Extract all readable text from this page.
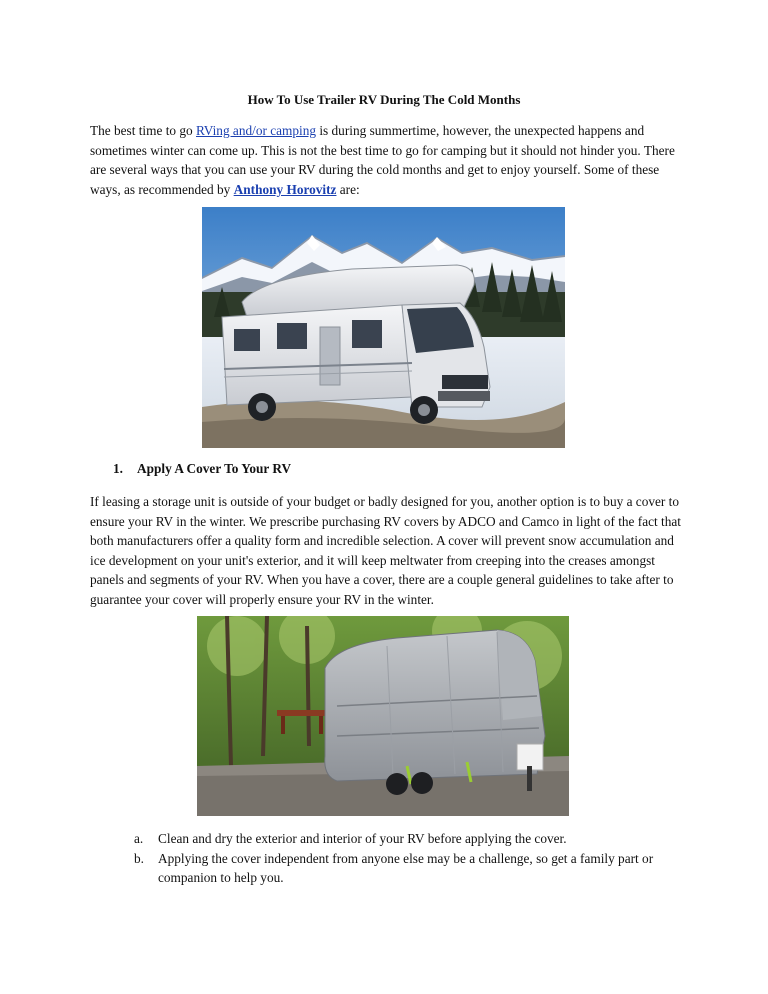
How To Use Trailer RV During The Cold Months

The best time to go RVing and/or camping is during summertime, however, the unexpected happens and sometimes winter can come up. This is not the best time to go for camping but it should not hinder you. There are several ways that you can use your RV during the cold months and get to enjoy yourself. Some of these ways, as recommended by Anthony Horovitz are:

1. Apply A Cover To Your RV

If leasing a storage unit is outside of your budget or badly designed for you, another option is to buy a cover to ensure your RV in the winter. We prescribe purchasing RV covers by ADCO and Camco in light of the fact that both manufacturers offer a quality form and incredible selection. A cover will prevent snow accumulation and ice development on your unit's exterior, and it will keep meltwater from creeping into the creases amongst panels and segments of your RV. When you have a cover, there are a couple general guidelines to take after to guarantee your cover will properly ensure your RV in the winter.

a. Clean and dry the exterior and interior of your RV before applying the cover.
b. Applying the cover independent from anyone else may be a challenge, so get a family part or companion to help you.
